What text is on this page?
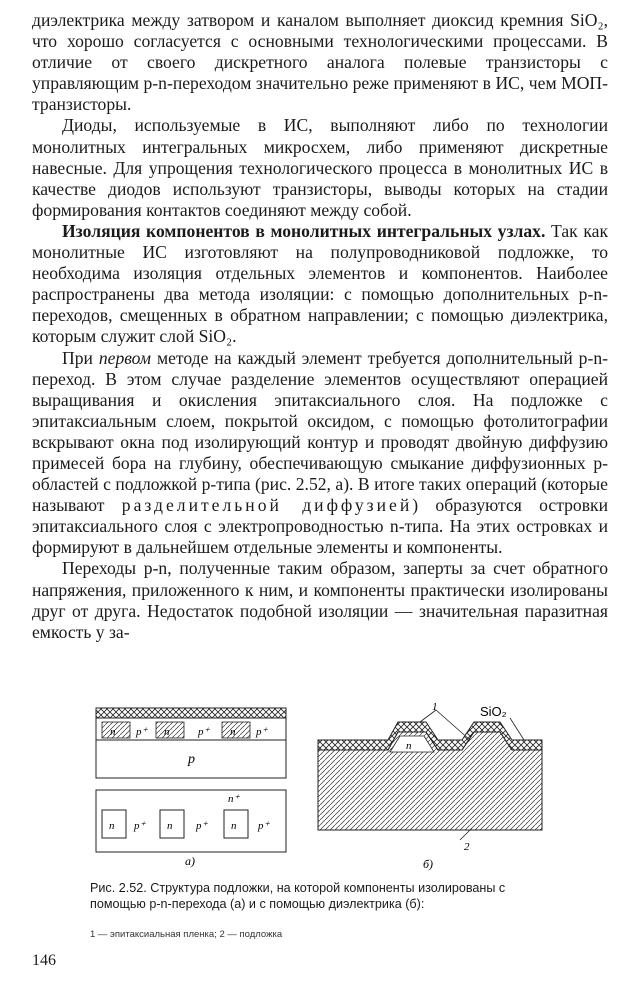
диэлектрика между затвором и каналом выполняет диоксид кремния SiO₂, что хорошо согласуется с основными технологическими процессами. В отличие от своего дискретного аналога полевые транзисторы с управляющим p-n-переходом значительно реже применяют в ИС, чем МОП-транзисторы.

Диоды, используемые в ИС, выполняют либо по технологии монолитных интегральных микросхем, либо применяют дискретные навесные. Для упрощения технологического процесса в монолитных ИС в качестве диодов используют транзисторы, выводы которых на стадии формирования контактов соединяют между собой.

Изоляция компонентов в монолитных интегральных узлах. Так как монолитные ИС изготовляют на полупроводниковой подложке, то необходима изоляция отдельных элементов и компонентов. Наиболее распространены два метода изоляции: с помощью дополнительных p-n-переходов, смещенных в обратном направлении; с помощью диэлектрика, которым служит слой SiO₂.

При первом методе на каждый элемент требуется дополнительный p-n-переход. В этом случае разделение элементов осуществляют операцией выращивания и окисления эпитаксиального слоя. На подложке с эпитаксиальным слоем, покрытой оксидом, с помощью фотолитографии вскрывают окна под изолирующий контур и проводят двойную диффузию примесей бора на глубину, обеспечивающую смыкание диффузионных p-областей с подложкой p-типа (рис. 2.52, а). В итоге таких операций (которые называют разделительной диффузией) образуются островки эпитаксиального слоя с электропроводностью n-типа. На этих островках и формируют в дальнейшем отдельные элементы и компоненты.

Переходы p-n, полученные таким образом, заперты за счет обратного напряжения, приложенного к ним, и компоненты практически изолированы друг от друга. Недостаток подобной изоляции — значительная паразитная емкость у за-

n	n	n
p⁺	p⁺	p⁺
p
n⁺
n	n	n
p⁺	p⁺	p⁺
а)
n
1	SiO₂
2
б)
Рис. 2.52. Структура подложки, на которой компоненты изолированы с помощью p-n-перехода (а) и с помощью диэлектрика (б):
1 — эпитаксиальная пленка; 2 — подложка
146
